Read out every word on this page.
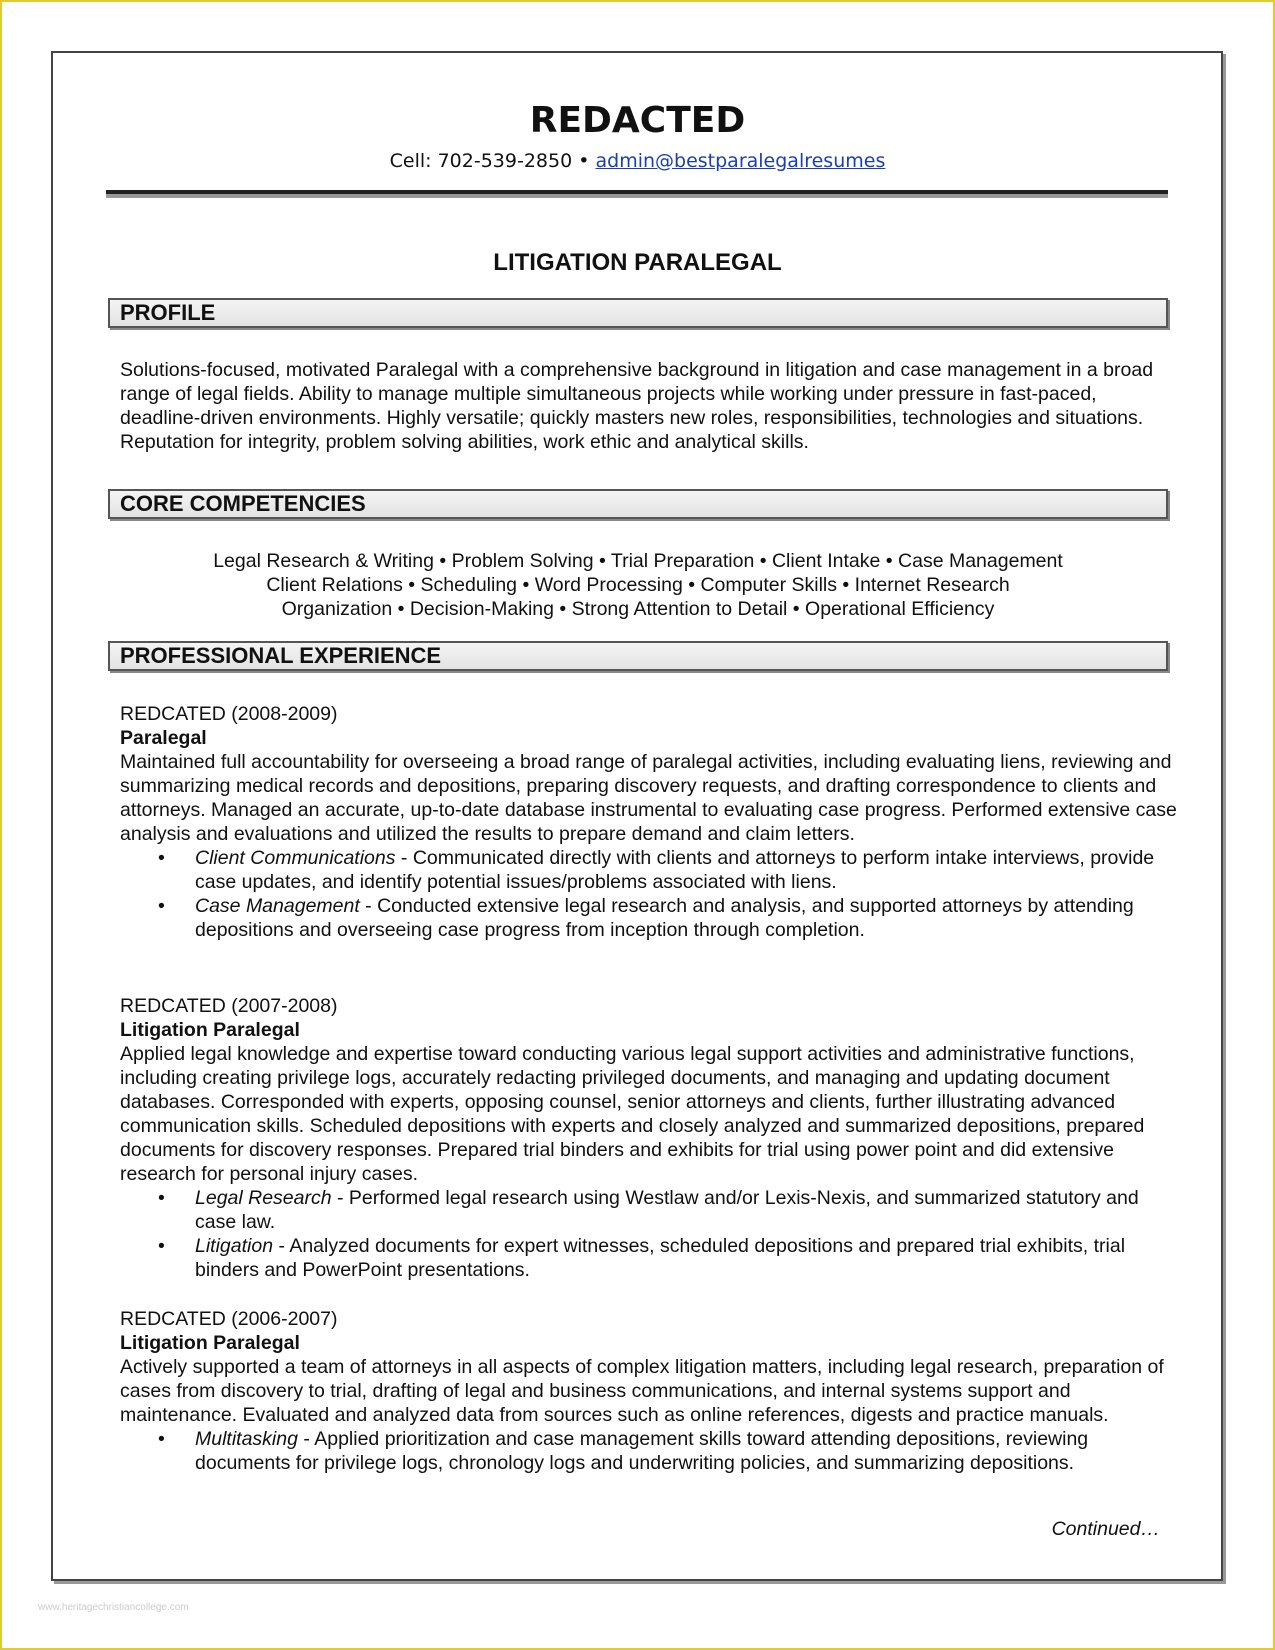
REDACTED
Cell: 702-539-2850 • admin@bestparalegalresumes
LITIGATION PARALEGAL
PROFILE
Solutions-focused, motivated Paralegal with a comprehensive background in litigation and case management in a broad range of legal fields. Ability to manage multiple simultaneous projects while working under pressure in fast-paced, deadline-driven environments. Highly versatile; quickly masters new roles, responsibilities, technologies and situations. Reputation for integrity, problem solving abilities, work ethic and analytical skills.
CORE COMPETENCIES
Legal Research & Writing • Problem Solving • Trial Preparation • Client Intake • Case Management
Client Relations • Scheduling • Word Processing • Computer Skills • Internet Research
Organization • Decision-Making • Strong Attention to Detail • Operational Efficiency
PROFESSIONAL EXPERIENCE
REDCATED (2008-2009)
Paralegal
Maintained full accountability for overseeing a broad range of paralegal activities, including evaluating liens, reviewing and summarizing medical records and depositions, preparing discovery requests, and drafting correspondence to clients and attorneys. Managed an accurate, up-to-date database instrumental to evaluating case progress. Performed extensive case analysis and evaluations and utilized the results to prepare demand and claim letters.
• Client Communications - Communicated directly with clients and attorneys to perform intake interviews, provide case updates, and identify potential issues/problems associated with liens.
• Case Management - Conducted extensive legal research and analysis, and supported attorneys by attending depositions and overseeing case progress from inception through completion.
REDCATED (2007-2008)
Litigation Paralegal
Applied legal knowledge and expertise toward conducting various legal support activities and administrative functions, including creating privilege logs, accurately redacting privileged documents, and managing and updating document databases. Corresponded with experts, opposing counsel, senior attorneys and clients, further illustrating advanced communication skills. Scheduled depositions with experts and closely analyzed and summarized depositions, prepared documents for discovery responses. Prepared trial binders and exhibits for trial using power point and did extensive research for personal injury cases.
• Legal Research - Performed legal research using Westlaw and/or Lexis-Nexis, and summarized statutory and case law.
• Litigation - Analyzed documents for expert witnesses, scheduled depositions and prepared trial exhibits, trial binders and PowerPoint presentations.
REDCATED (2006-2007)
Litigation Paralegal
Actively supported a team of attorneys in all aspects of complex litigation matters, including legal research, preparation of cases from discovery to trial, drafting of legal and business communications, and internal systems support and maintenance. Evaluated and analyzed data from sources such as online references, digests and practice manuals.
• Multitasking - Applied prioritization and case management skills toward attending depositions, reviewing documents for privilege logs, chronology logs and underwriting policies, and summarizing depositions.
Continued…
www.heritagechristiancollege.com
